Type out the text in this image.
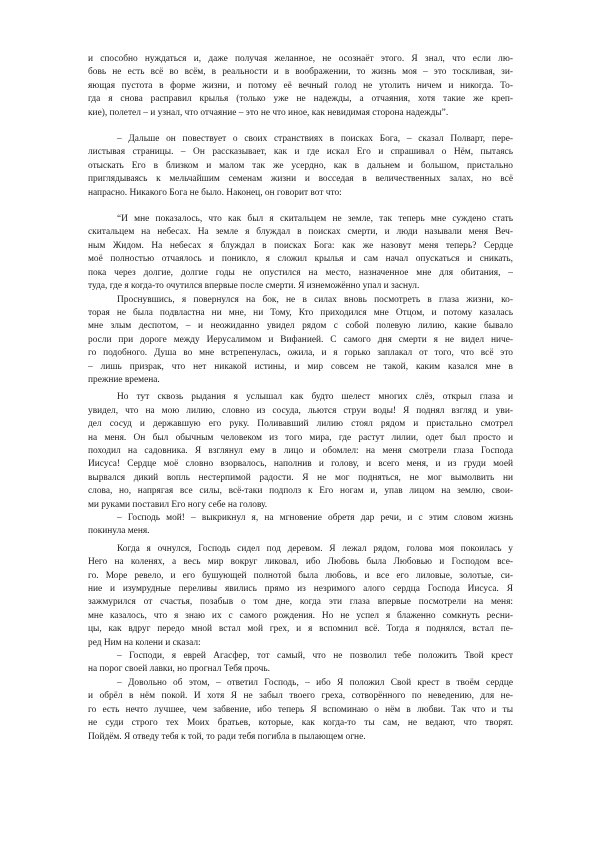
и способно нуждаться и, даже получая желанное, не осознаёт этого. Я знал, что если лю-
бовь не есть всё во всём, в реальности и в воображении, то жизнь моя – это тоскливая, зи-
яющая пустота в форме жизни, и потому её вечный голод не утолить ничем и никогда. То-
гда я снова расправил крылья (только уже не надежды, а отчаяния, хотя такие же креп-
кие), полетел – и узнал, что отчаяние – это не что иное, как невидимая сторона надежды”.
– Дальше он повествует о своих странствиях в поисках Бога, – сказал Полварт, пере-
листывая страницы. – Он рассказывает, как и где искал Его и спрашивал о Нём, пытаясь
отыскать Его в близком и малом так же усердно, как в дальнем и большом, пристально
приглядываясь к мельчайшим семенам жизни и восседая в величественных залах, но всё
напрасно. Никакого Бога не было. Наконец, он говорит вот что:
“И мне показалось, что как был я скитальцем не земле, так теперь мне суждено стать
скитальцем на небесах. На земле я блуждал в поисках смерти, и люди называли меня Веч-
ным Жидом. На небесах я блуждал в поисках Бога: как же назовут меня теперь? Сердце
моё полностью отчаялось и поникло, я сложил крылья и сам начал опускаться и сникать,
пока через долгие, долгие годы не опустился на место, назначенное мне для обитания, –
туда, где я когда-то очутился впервые после смерти. Я изнеможённо упал и заснул.
Проснувшись, я повернулся на бок, не в силах вновь посмотреть в глаза жизни, ко-
торая не была подвластна ни мне, ни Тому, Кто приходился мне Отцом, и потому казалась
мне злым деспотом, – и неожиданно увидел рядом с собой полевую лилию, какие бывало
росли при дороге между Иерусалимом и Вифанией. С самого дня смерти я не видел ниче-
го подобного. Душа во мне встрепенулась, ожила, и я горько заплакал от того, что всё это
– лишь призрак, что нет никакой истины, и мир совсем не такой, каким казался мне в
прежние времена.
Но тут сквозь рыдания я услышал как будто шелест многих слёз, открыл глаза и
увидел, что на мою лилию, словно из сосуда, льются струи воды! Я поднял взгляд и уви-
дел сосуд и державшую его руку. Поливавший лилию стоял рядом и пристально смотрел
на меня. Он был обычным человеком из того мира, где растут лилии, одет был просто и
походил на садовника. Я взглянул ему в лицо и обомлел: на меня смотрели глаза Господа
Иисуса! Сердце моё словно взорвалось, наполнив и голову, и всего меня, и из груди моей
вырвался дикий вопль нестерпимой радости. Я не мог подняться, не мог вымолвить ни
слова, но, напрягая все силы, всё-таки подполз к Его ногам и, упав лицом на землю, свои-
ми руками поставил Его ногу себе на голову.
– Господь мой! – выкрикнул я, на мгновение обретя дар речи, и с этим словом жизнь
покинула меня.
Когда я очнулся, Господь сидел под деревом. Я лежал рядом, голова моя покоилась у
Него на коленях, а весь мир вокруг ликовал, ибо Любовь была Любовью и Господом все-
го. Море ревело, и его бушующей полнотой была любовь, и все его лиловые, золотые, си-
ние и изумрудные переливы явились прямо из незримого алого сердца Господа Иисуса. Я
зажмурился от счастья, позабыв о том дне, когда эти глаза впервые посмотрели на меня:
мне казалось, что я знаю их с самого рождения. Но не успел я блаженно сомкнуть ресни-
цы, как вдруг передо мной встал мой грех, и я вспомнил всё. Тогда я поднялся, встал пе-
ред Ним на колени и сказал:
– Господи, я еврей Агасфер, тот самый, что не позволил тебе положить Твой крест
на порог своей лавки, но прогнал Тебя прочь.
– Довольно об этом, – ответил Господь, – ибо Я положил Свой крест в твоём сердце
и обрёл в нём покой. И хотя Я не забыл твоего греха, сотворённого по неведению, для не-
го есть нечто лучшее, чем забвение, ибо теперь Я вспоминаю о нём в любви. Так что и ты
не суди строго тех Моих братьев, которые, как когда-то ты сам, не ведают, что творят.
Пойдём. Я отведу тебя к той, то ради тебя погибла в пылающем огне.
